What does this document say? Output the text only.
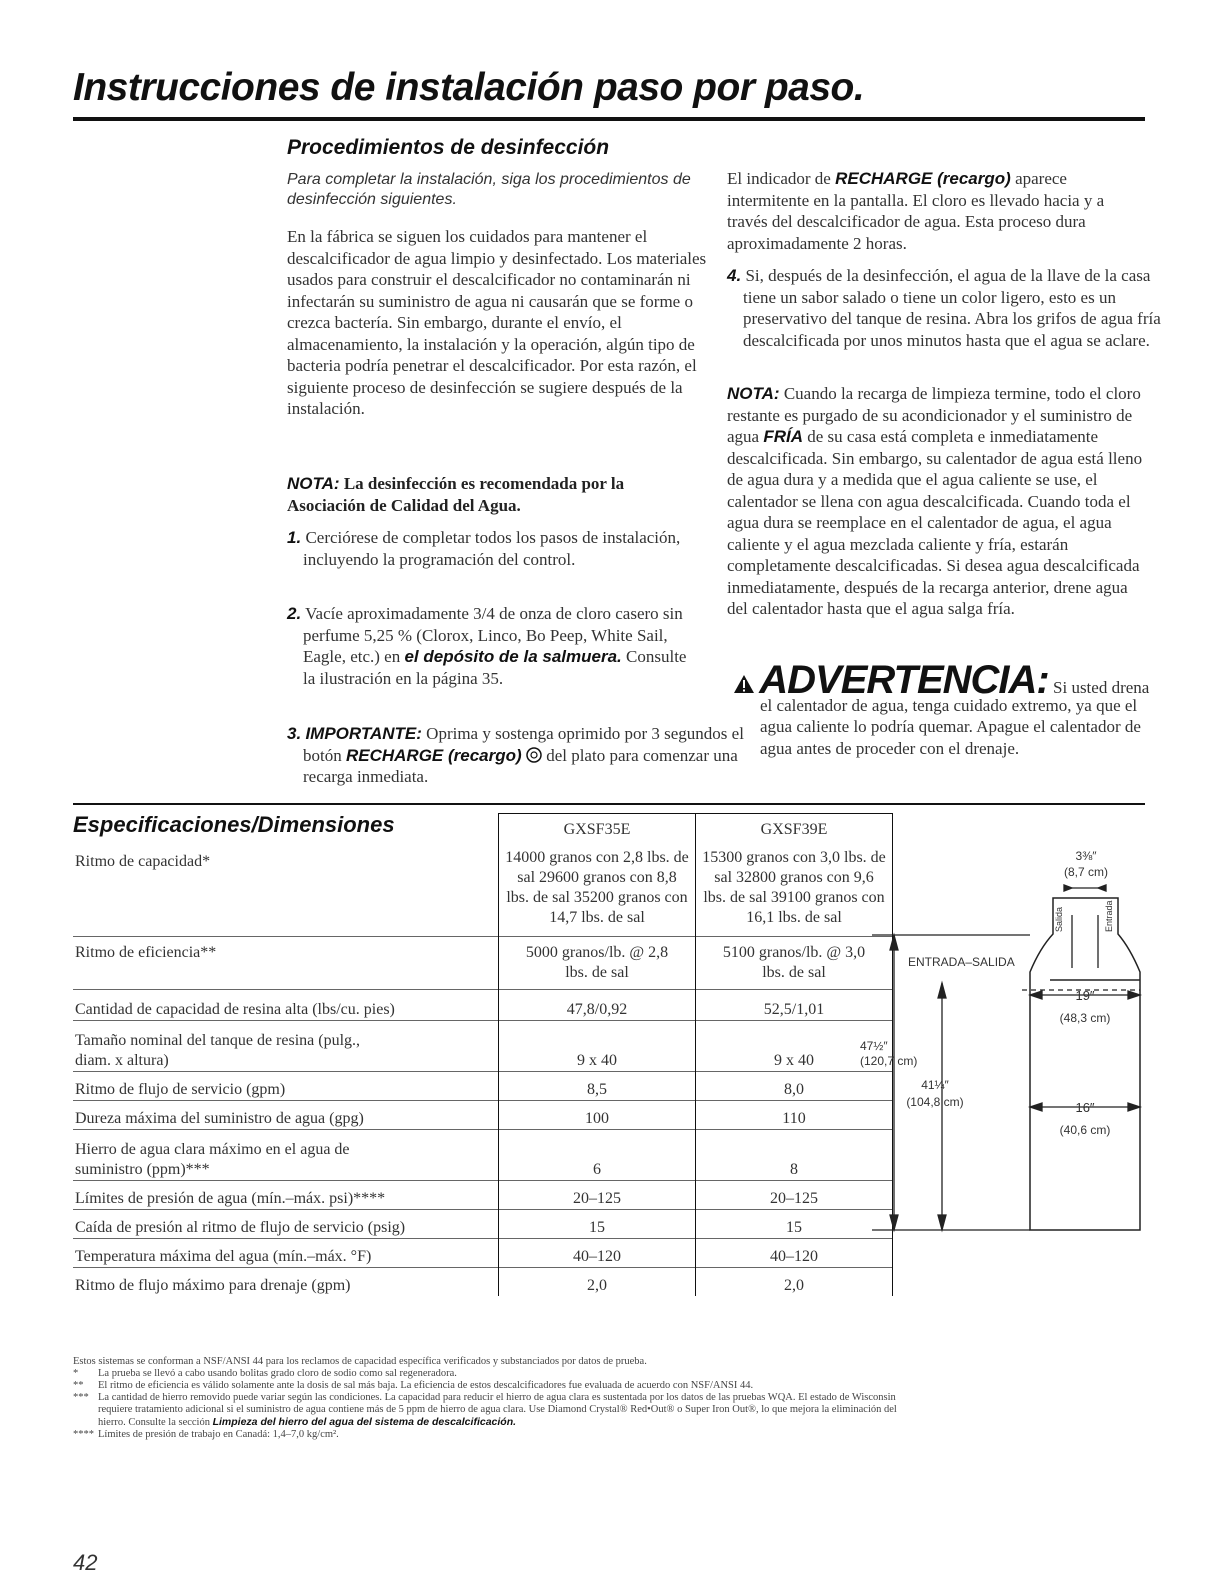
Instrucciones de instalación paso por paso.
Procedimientos de desinfección
Para completar la instalación, siga los procedimientos de desinfección siguientes.
En la fábrica se siguen los cuidados para mantener el descalcificador de agua limpio y desinfectado. Los materiales usados para construir el descalcificador no contaminarán ni infectarán su suministro de agua ni causarán que se forme o crezca bactería. Sin embargo, durante el envío, el almacenamiento, la instalación y la operación, algún tipo de bacteria podría penetrar el descalcificador. Por esta razón, el siguiente proceso de desinfección se sugiere después de la instalación.
NOTA: La desinfección es recomendada por la Asociación de Calidad del Agua.
1. Cerciórese de completar todos los pasos de instalación, incluyendo la programación del control.
2. Vacíe aproximadamente 3/4 de onza de cloro casero sin perfume 5,25 % (Clorox, Linco, Bo Peep, White Sail, Eagle, etc.) en el depósito de la salmuera. Consulte la ilustración en la página 35.
3. IMPORTANTE: Oprima y sostenga oprimido por 3 segundos el botón RECHARGE (recargo) del plato para comenzar una recarga inmediata.
El indicador de RECHARGE (recargo) aparece intermitente en la pantalla. El cloro es llevado hacia y a través del descalcificador de agua. Esta proceso dura aproximadamente 2 horas.
4. Si, después de la desinfección, el agua de la llave de la casa tiene un sabor salado o tiene un color ligero, esto es un preservativo del tanque de resina. Abra los grifos de agua fría descalcificada por unos minutos hasta que el agua se aclare.
NOTA: Cuando la recarga de limpieza termine, todo el cloro restante es purgado de su acondicionador y el suministro de agua FRÍA de su casa está completa e inmediatamente descalcificada. Sin embargo, su calentador de agua está lleno de agua dura y a medida que el agua caliente se use, el calentador se llena con agua descalcificada. Cuando toda el agua dura se reemplace en el calentador de agua, el agua caliente y el agua mezclada caliente y fría, estarán completamente descalcificadas. Si desea agua descalcificada inmediatamente, después de la recarga anterior, drene agua del calentador hasta que el agua salga fría.
ADVERTENCIA: Si usted drena
el calentador de agua, tenga cuidado extremo, ya que el agua caliente lo podría quemar. Apague el calentador de agua antes de proceder con el drenaje.
Especificaciones/Dimensiones
		GXSF35E	GXSF39E
Ritmo de capacidad*	14000 granos con 2,8 lbs. de sal 29600 granos con 8,8 lbs. de sal 35200 granos con 14,7 lbs. de sal	15300 granos con 3,0 lbs. de sal 32800 granos con 9,6 lbs. de sal 39100 granos con 16,1 lbs. de sal
Ritmo de eficiencia**	5000 granos/lb. @ 2,8 lbs. de sal	5100 granos/lb. @ 3,0 lbs. de sal
Cantidad de capacidad de resina alta (lbs/cu. pies)	47,8/0,92	52,5/1,01
Tamaño nominal del tanque de resina (pulg., diam. x altura)	9 x 40	9 x 40
Ritmo de flujo de servicio (gpm)	8,5	8,0
Dureza máxima del suministro de agua (gpg)	100	110
Hierro de agua clara máximo en el agua de suministro (ppm)***	6	8
Límites de presión de agua (mín.–máx. psi)****	20–125	20–125
Caída de presión al ritmo de flujo de servicio (psig)	15	15
Temperatura máxima del agua (mín.–máx. °F)	40–120	40–120
Ritmo de flujo máximo para drenaje (gpm)	2,0	2,0
Estos sistemas se conforman a NSF/ANSI 44 para los reclamos de capacidad específica verificados y substanciados por datos de prueba.
* La prueba se llevó a cabo usando bolitas grado cloro de sodio como sal regeneradora.
** El ritmo de eficiencia es válido solamente ante la dosis de sal más baja. La eficiencia de estos descalcificadores fue evaluada de acuerdo con NSF/ANSI 44.
*** La cantidad de hierro removido puede variar según las condiciones. La capacidad para reducir el hierro de agua clara es sustentada por los datos de las pruebas WQA. El estado de Wisconsin requiere tratamiento adicional si el suministro de agua contiene más de 5 ppm de hierro de agua clara. Use Diamond Crystal® Red•Out® o Super Iron Out®, lo que mejora la eliminación del hierro. Consulte la sección Limpieza del hierro del agua del sistema de descalcificación.
**** Límites de presión de trabajo en Canadá: 1,4–7,0 kg/cm².
42
3⅜″
(8,7 cm)
Salida	Entrada
ENTRADA–SALIDA
19″
(48,3 cm)
47½″
(120,7 cm)
41¼″
(104,8 cm)	16″
(40,6 cm)
